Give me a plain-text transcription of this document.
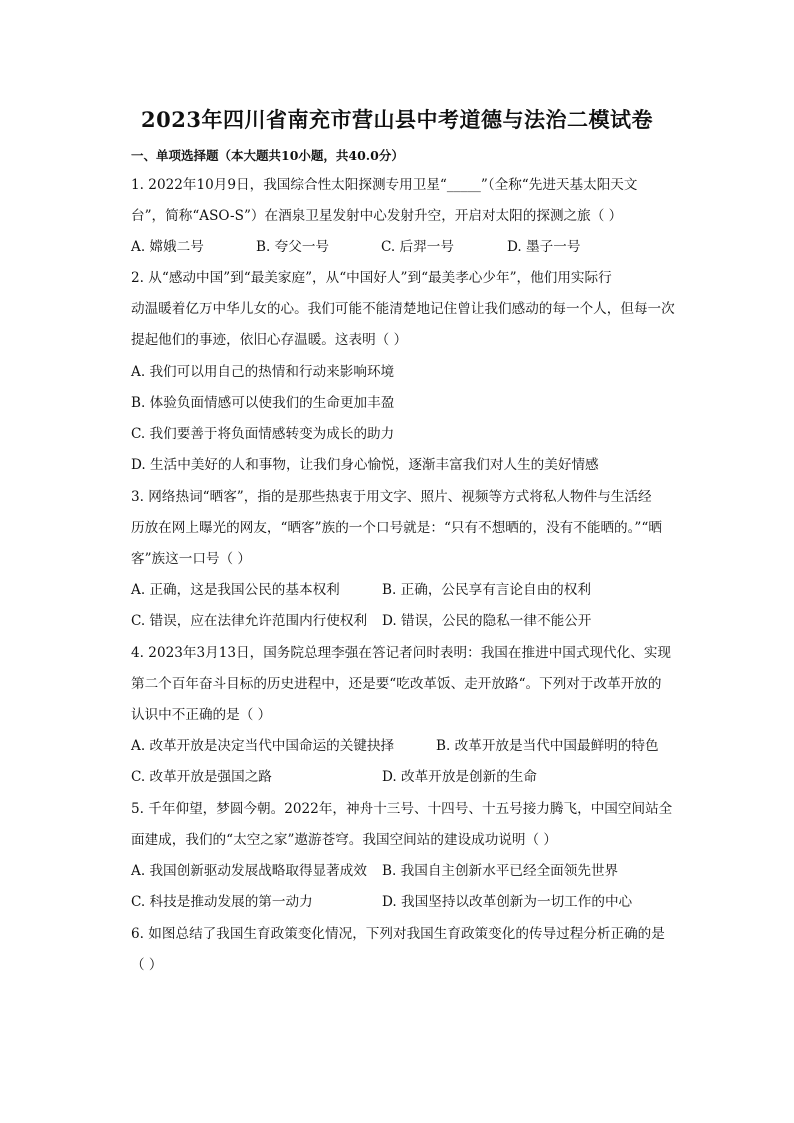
2023年四川省南充市营山县中考道德与法治二模试卷
一、单项选择题（本大题共10小题，共40.0分）
1. 2022年10月9日，我国综合性太阳探测专用卫星“_____”（全称“先进天基太阳天文
台”，简称“ASO-S”）在酒泉卫星发射中心发射升空，开启对太阳的探测之旅（ ）
A. 嫦娥二号	B. 夸父一号	C. 后羿一号	D. 墨子一号
2. 从“感动中国”到“最美家庭”，从“中国好人”到“最美孝心少年”，他们用实际行
动温暖着亿万中华儿女的心。我们可能不能清楚地记住曾让我们感动的每一个人，但每一次
提起他们的事迹，依旧心存温暖。这表明（ ）
A. 我们可以用自己的热情和行动来影响环境
B. 体验负面情感可以使我们的生命更加丰盈
C. 我们要善于将负面情感转变为成长的助力
D. 生活中美好的人和事物，让我们身心愉悦，逐渐丰富我们对人生的美好情感
3. 网络热词“晒客”，指的是那些热衷于用文字、照片、视频等方式将私人物件与生活经
历放在网上曝光的网友，“晒客”族的一个口号就是：“只有不想晒的，没有不能晒的。”“晒
客”族这一口号（ ）
A. 正确，这是我国公民的基本权利	B. 正确，公民享有言论自由的权利
C. 错误，应在法律允许范围内行使权利 D. 错误，公民的隐私一律不能公开
4. 2023年3月13日，国务院总理李强在答记者问时表明：我国在推进中国式现代化、实现
第二个百年奋斗目标的历史进程中，还是要“吃改革饭、走开放路“。下列对于改革开放的
认识中不正确的是（ ）
A. 改革开放是决定当代中国命运的关键抉择	B. 改革开放是当代中国最鲜明的特色
C. 改革开放是强国之路	D. 改革开放是创新的生命
5. 千年仰望，梦圆今朝。2022年，神舟十三号、十四号、十五号接力腾飞，中国空间站全
面建成，我们的“太空之家”遨游苍穹。我国空间站的建设成功说明（ ）
A. 我国创新驱动发展战略取得显著成效 B. 我国自主创新水平已经全面领先世界
C. 科技是推动发展的第一动力	D. 我国坚持以改革创新为一切工作的中心
6. 如图总结了我国生育政策变化情况，下列对我国生育政策变化的传导过程分析正确的是
（ ）
